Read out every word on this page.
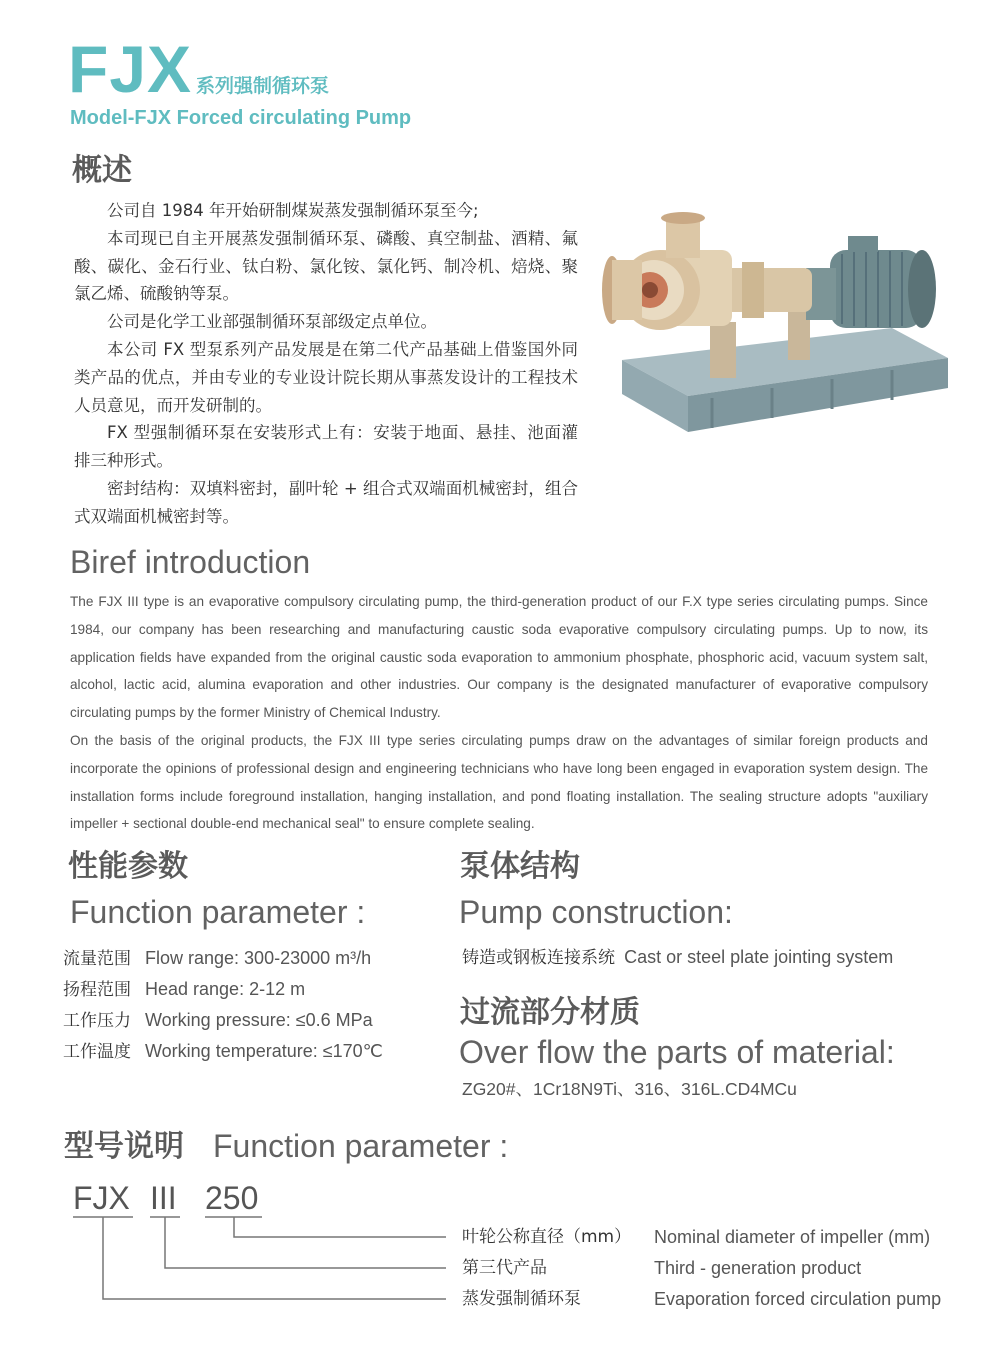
FJX 系列强制循环泵
Model-FJX Forced circulating Pump
概述

公司自 1984 年开始研制煤炭蒸发强制循环泵至今;

本司现已自主开展蒸发强制循环泵、磷酸、真空制盐、酒精、氟酸、碳化、金石行业、钛白粉、氯化铵、氯化钙、制冷机、焙烧、聚氯乙烯、硫酸钠等泵。

公司是化学工业部强制循环泵部级定点单位。

本公司 FX 型泵系列产品发展是在第二代产品基础上借鉴国外同类产品的优点，并由专业的专业设计院长期从事蒸发设计的工程技术人员意见，而开发研制的。

FX 型强制循环泵在安装形式上有：安装于地面、悬挂、池面灌排三种形式。

密封结构：双填料密封，副叶轮 + 组合式双端面机械密封，组合式双端面机械密封等。

Biref introduction

The FJX III type is an evaporative compulsory circulating pump, the third-generation product of our F.X type series circulating pumps. Since 1984, our company has been researching and manufacturing caustic soda evaporative compulsory circulating pumps. Up to now, its application fields have expanded from the original caustic soda evaporation to ammonium phosphate, phosphoric acid, vacuum system salt, alcohol, lactic acid, alumina evaporation and other industries. Our company is the designated manufacturer of evaporative compulsory circulating pumps by the former Ministry of Chemical Industry.

On the basis of the original products, the FJX III type series circulating pumps draw on the advantages of similar foreign products and incorporate the opinions of professional design and engineering technicians who have long been engaged in evaporation system design. The installation forms include foreground installation, hanging installation, and pond floating installation. The sealing structure adopts "auxiliary impeller + sectional double-end mechanical seal" to ensure complete sealing.

性能参数
Function parameter :
流量范围 Flow range: 300-23000 m³/h
扬程范围 Head range: 2-12 m
工作压力 Working pressure: ≤0.6 MPa
工作温度 Working temperature: ≤170℃
泵体结构
Pump construction:
铸造或钢板连接系统 Cast or steel plate jointing system
过流部分材质
Over flow the parts of material:
ZG20#、1Cr18N9Ti、316、316L.CD4MCu
型号说明 Function parameter :
FJX III 250
叶轮公称直径（mm） Nominal diameter of impeller (mm)
第三代产品	Third - generation product
蒸发强制循环泵	Evaporation forced circulation pump
